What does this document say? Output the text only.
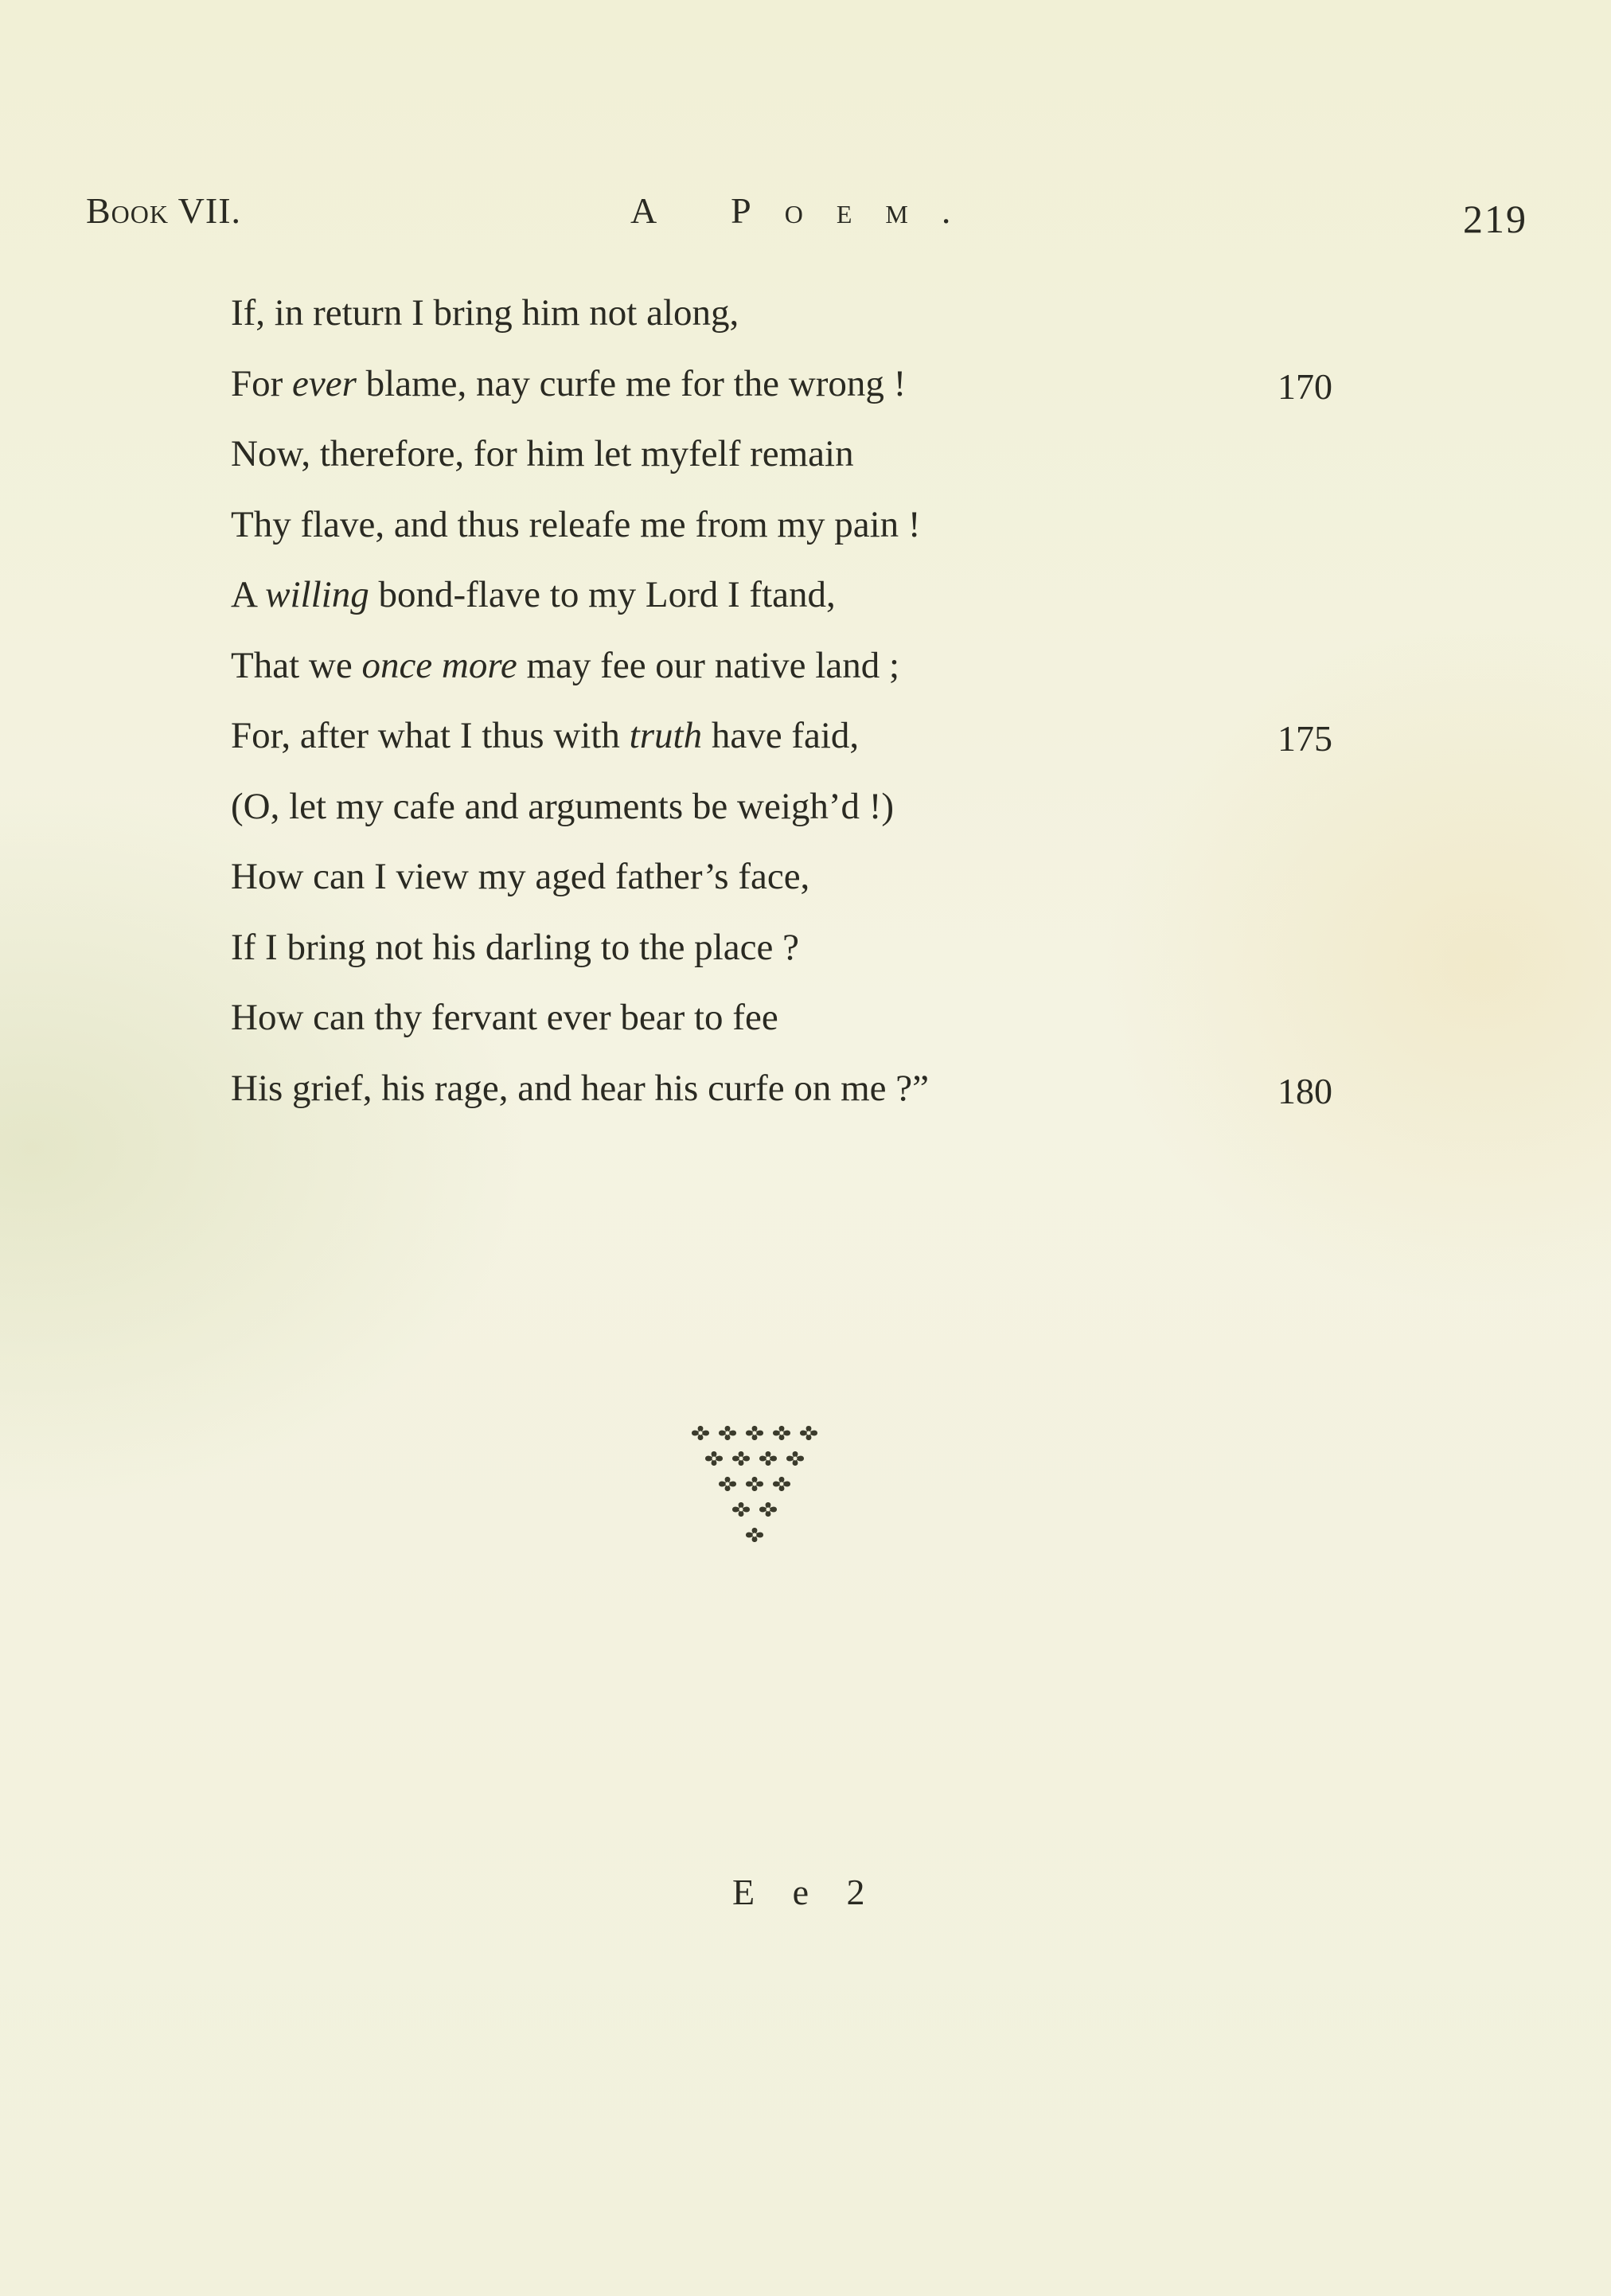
Book VII.	A Poem.	219
If, in return I bring him not along,
For ever blame, nay curfe me for the wrong !	170
Now, therefore, for him let myfelf remain
Thy flave, and thus releafe me from my pain !
A willing bond-flave to my Lord I ftand,
That we once more may fee our native land ;
For, after what I thus with truth have faid,	175
(O, let my cafe and arguments be weigh’d !)
How can I view my aged father’s face,
If I bring not his darling to the place ?
How can thy fervant ever bear to fee
His grief, his rage, and hear his curfe on me ?”	180
E e 2
